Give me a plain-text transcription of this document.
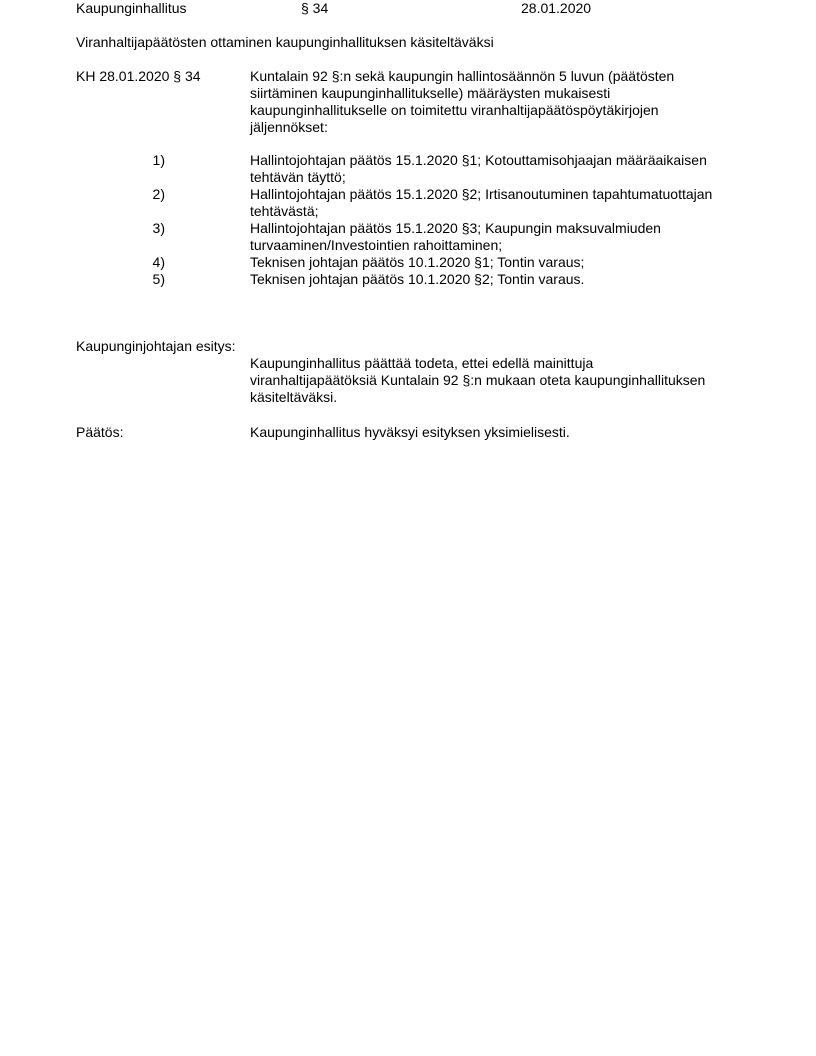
Kaupunginhallitus	§ 34	28.01.2020
Viranhaltijapäätösten ottaminen kaupunginhallituksen käsiteltäväksi
KH 28.01.2020 § 34	Kuntalain 92 §:n sekä kaupungin hallintosäännön 5 luvun (päätösten
siirtäminen kaupunginhallitukselle) määräysten mukaisesti
kaupunginhallitukselle on toimitettu viranhaltijapäätöspöytäkirjojen
jäljennökset:
1)	Hallintojohtajan päätös 15.1.2020 §1; Kotouttamisohjaajan määräaikaisen
tehtävän täyttö;
2)	Hallintojohtajan päätös 15.1.2020 §2; Irtisanoutuminen tapahtumatuottajan
tehtävästä;
3)	Hallintojohtajan päätös 15.1.2020 §3; Kaupungin maksuvalmiuden
turvaaminen/Investointien rahoittaminen;
4)	Teknisen johtajan päätös 10.1.2020 §1; Tontin varaus;
5)	Teknisen johtajan päätös 10.1.2020 §2; Tontin varaus.
Kaupunginjohtajan esitys:
Kaupunginhallitus päättää todeta, ettei edellä mainittuja
viranhaltijapäätöksiä Kuntalain 92 §:n mukaan oteta kaupunginhallituksen
käsiteltäväksi.
Päätös:	Kaupunginhallitus hyväksyi esityksen yksimielisesti.
